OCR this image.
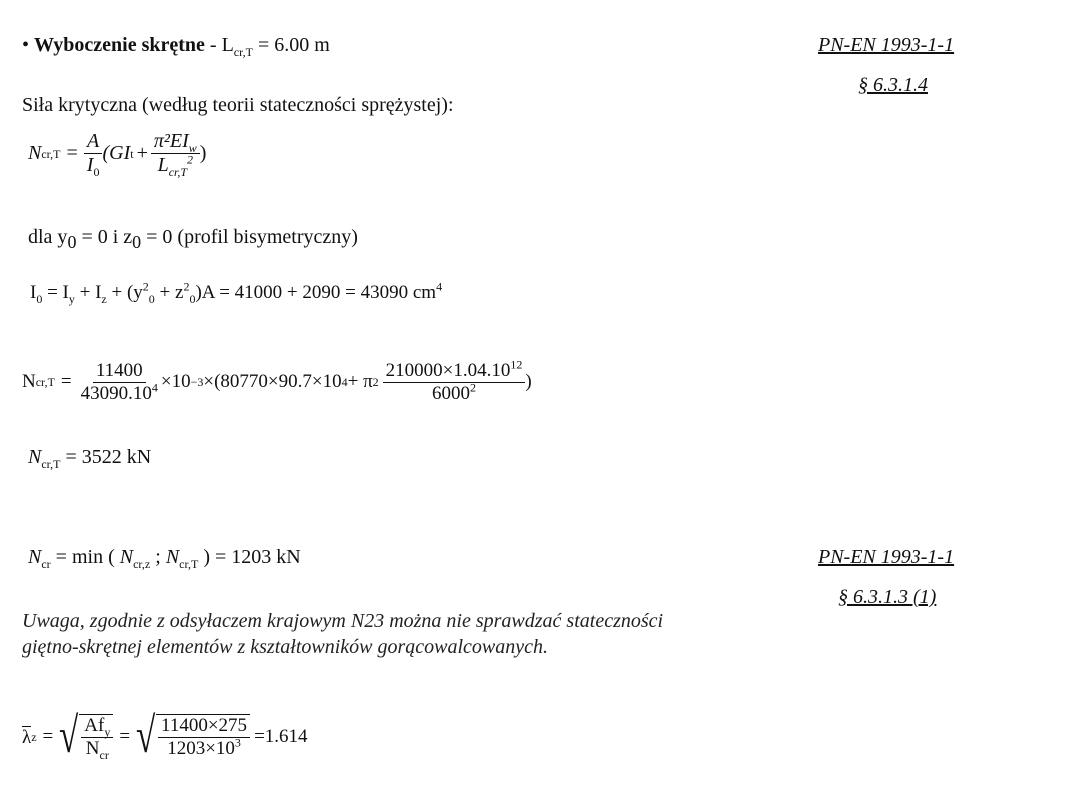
• Wyboczenie skrętne - $L_{cr,T} = 6.00$ m	PN-EN 1993-1-1
§ 6.3.1.4
Siła krytyczna (według teorii stateczności sprężystej):
N $cr,T = \frac{A}{I_0} (GI$ $t + \frac{\pi^2EI_w}{L_{cr,T}^2}$ )
dla $y_0 = 0$ i $z_0 = 0$ (profil bisymetryczny)
$I_0 = I_y + I_z + (y^2_0 + z^2_0)A = 41000 + 2090 = 43090$ $cm^4$
N $cr,T = \frac{11400}{43090.10^4} \times 10 -3 \times(80770\times 90.7\times 10$ 4 + π $2 \frac{210000\times 1.04.10^{12}}{6000^2}$ )
$N_{cr,T} = 3522$ kN
$N_{cr} = \min$ ( $N_{cr,z}$ ; $N_{cr,T}$ ) = 1203 kN	PN-EN 1993-1-1
§ 6.3.1.3 (1)
Uwaga, zgodnie z odsyłaczem krajowym N23 można nie sprawdzać stateczności
giętno-skrętnej elementów z kształtowników gorącowalcowanych.
λ z = √ $\frac{Af_y}{N_{cr}}$ = √ $\frac{11400\times 275}{1203\times 10^3} =1.614$
